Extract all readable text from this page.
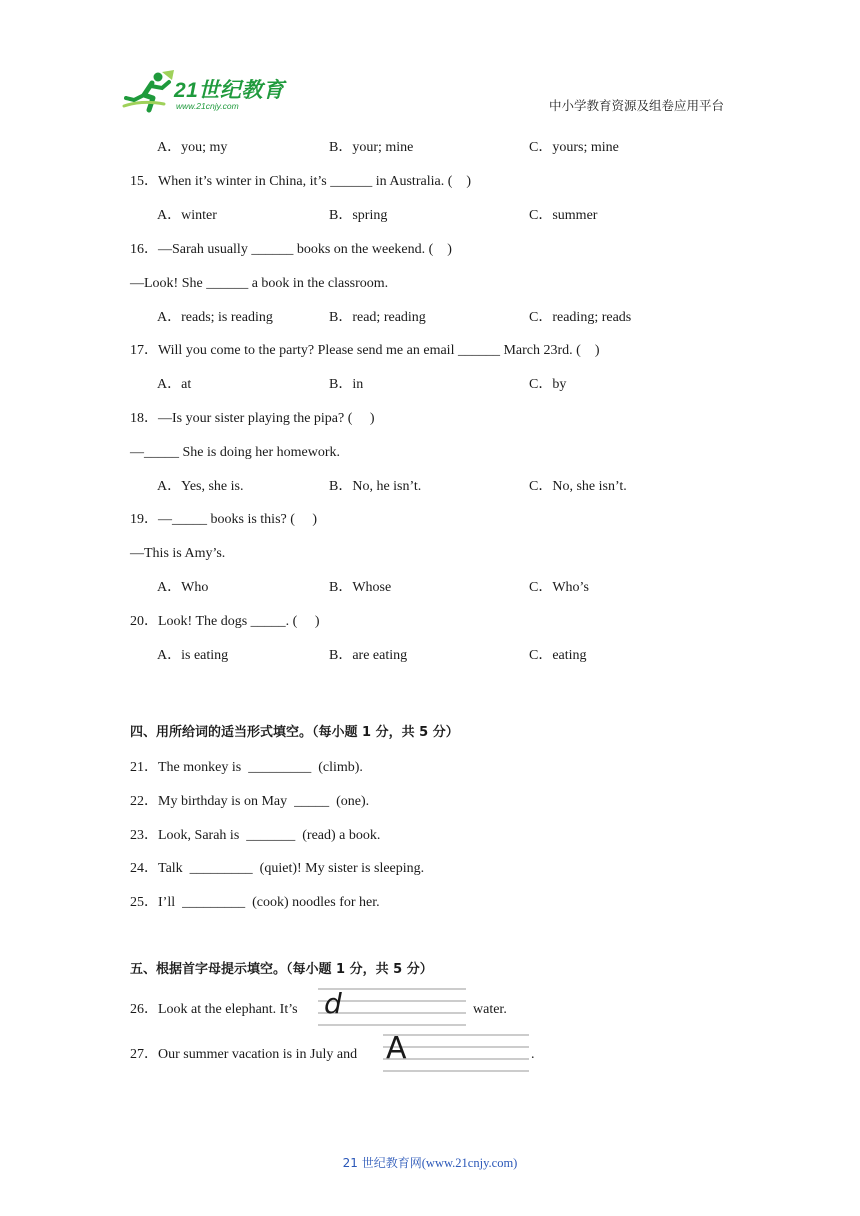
21世纪教育
www.21cnjy.com	中小学教育资源及组卷应用平台
A．you; my	B．your; mine	C．yours; mine
15．When it’s winter in China, it’s ______ in Australia. (    )
A．winter	B．spring	C．summer
16．—Sarah usually ______ books on the weekend. (    )
—Look! She ______ a book in the classroom.
A．reads; is reading	B．read; reading	C．reading; reads
17．Will you come to the party? Please send me an email ______ March 23rd. (    )
A．at	B．in	C．by
18．—Is your sister playing the pipa? (     )
—_____ She is doing her homework.
A．Yes, she is.	B．No, he isn’t.	C．No, she isn’t.
19．—_____ books is this? (     )
—This is Amy’s.
A．Who	B．Whose	C．Who’s
20．Look! The dogs _____. (     )
A．is eating	B．are eating	C．eating
四、用所给词的适当形式填空。（每小题 1 分，共 5 分）
21．The monkey is  _________  (climb).
22．My birthday is on May  _____  (one).
23．Look, Sarah is  _______  (read) a book.
24．Talk  _________  (quiet)! My sister is sleeping.
25．I’ll  _________  (cook) noodles for her.
五、根据首字母提示填空。（每小题 1 分，共 5 分）
26．Look at the elephant. It’s d	water.
27．Our summer vacation is in July and A	.
21 世纪教育网(www.21cnjy.com)
